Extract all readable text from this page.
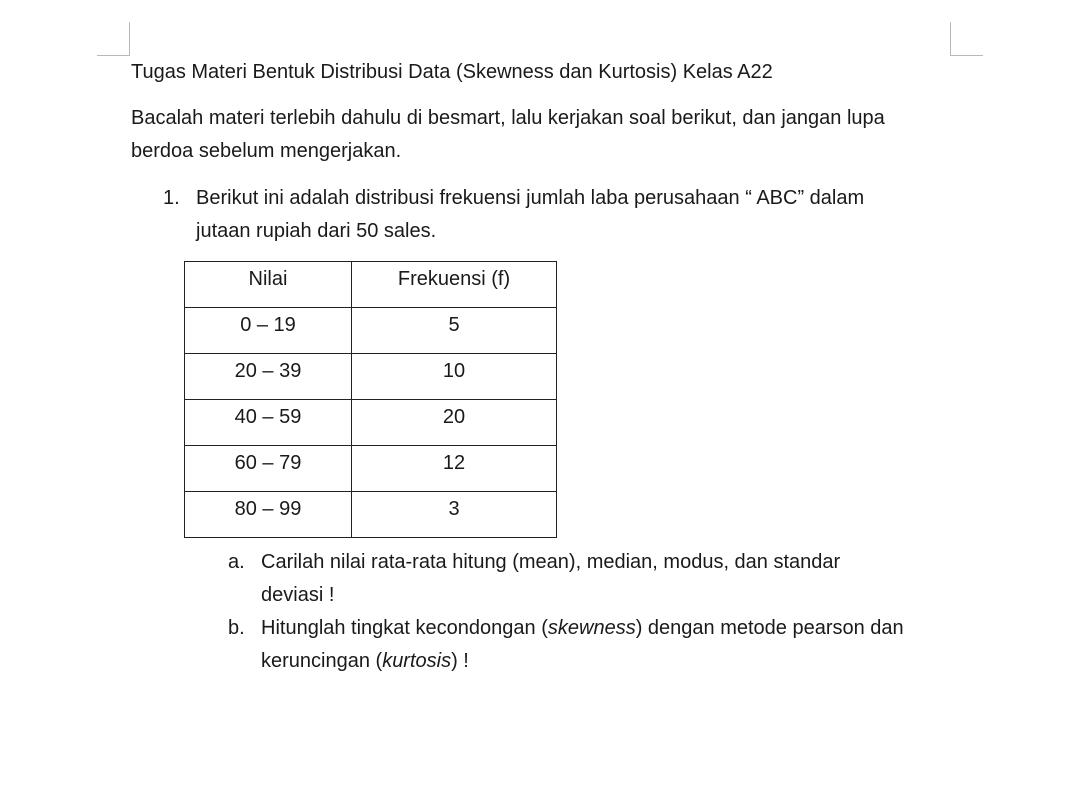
Tugas Materi Bentuk Distribusi Data (Skewness dan Kurtosis) Kelas A22
Bacalah materi terlebih dahulu di besmart, lalu kerjakan soal berikut, dan jangan lupa
berdoa sebelum mengerjakan.
1. Berikut ini adalah distribusi frekuensi jumlah laba perusahaan “ ABC” dalam
jutaan rupiah dari 50 sales.
Nilai	Frekuensi (f)
0 – 19	5
20 – 39	10
40 – 59	20
60 – 79	12
80 – 99	3
a. Carilah nilai rata-rata hitung (mean), median, modus, dan standar
deviasi !
b. Hitunglah tingkat kecondongan (skewness) dengan metode pearson dan
keruncingan (kurtosis) !
